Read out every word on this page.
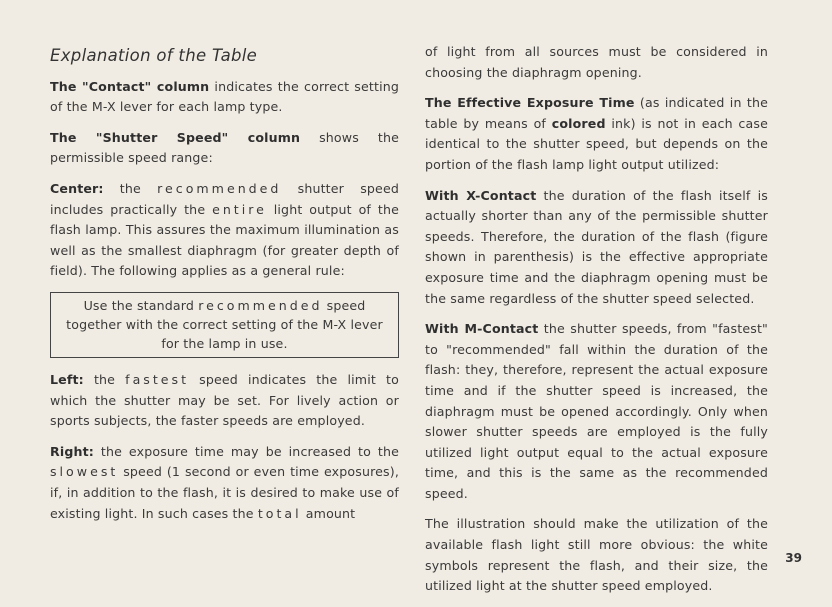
Explanation of the Table

The "Contact" column indicates the correct setting of the M-X lever for each lamp type.

The "Shutter Speed" column shows the permissible speed range:

Center: the recommended shutter speed includes practically the entire light output of the flash lamp. This assures the maximum illumination as well as the smallest diaphragm (for greater depth of field). The following applies as a general rule:

Use the standard recommended speed together with the correct setting of the M-X lever for the lamp in use.

Left: the fastest speed indicates the limit to which the shutter may be set. For lively action or sports subjects, the faster speeds are employed.

Right: the exposure time may be increased to the slowest speed (1 second or even time exposures), if, in addition to the flash, it is desired to make use of existing light. In such cases the total amount

of light from all sources must be considered in choosing the diaphragm opening.

The Effective Exposure Time (as indicated in the table by means of colored ink) is not in each case identical to the shutter speed, but depends on the portion of the flash lamp light output utilized:

With X-Contact the duration of the flash itself is actually shorter than any of the permissible shutter speeds. Therefore, the duration of the flash (figure shown in parenthesis) is the effective appropriate exposure time and the diaphragm opening must be the same regardless of the shutter speed selected.

With M-Contact the shutter speeds, from "fastest" to "recommended" fall within the duration of the flash: they, therefore, represent the actual exposure time and if the shutter speed is increased, the diaphragm must be opened accordingly. Only when slower shutter speeds are employed is the fully utilized light output equal to the actual exposure time, and this is the same as the recommended speed.

The illustration should make the utilization of the available flash light still more obvious: the white symbols represent the flash, and their size, the utilized light at the shutter speed employed.

39
